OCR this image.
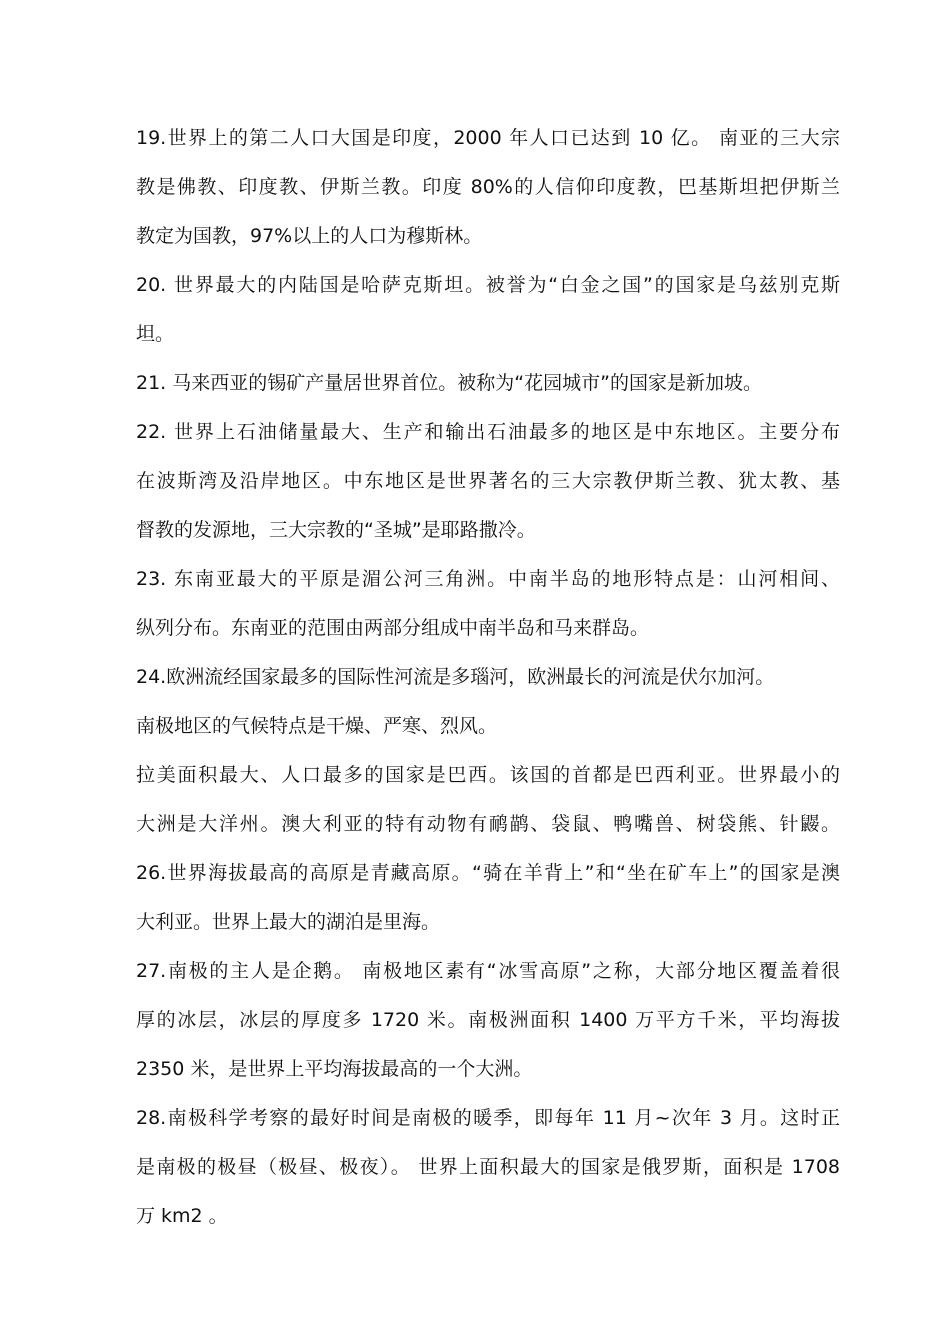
19.世界上的第二人口大国是印度，2000 年人口已达到 10 亿。 南亚的三大宗
教是佛教、印度教、伊斯兰教。印度 80%的人信仰印度教，巴基斯坦把伊斯兰
教定为国教，97%以上的人口为穆斯林。
20. 世界最大的内陆国是哈萨克斯坦。被誉为“白金之国”的国家是乌兹别克斯
坦。
21. 马来西亚的锡矿产量居世界首位。被称为“花园城市”的国家是新加坡。
22. 世界上石油储量最大、生产和输出石油最多的地区是中东地区。主要分布
在波斯湾及沿岸地区。中东地区是世界著名的三大宗教伊斯兰教、犹太教、基
督教的发源地，三大宗教的“圣城”是耶路撒冷。
23. 东南亚最大的平原是湄公河三角洲。中南半岛的地形特点是：山河相间、
纵列分布。东南亚的范围由两部分组成中南半岛和马来群岛。
24.欧洲流经国家最多的国际性河流是多瑙河，欧洲最长的河流是伏尔加河。
南极地区的气候特点是干燥、严寒、烈风。
拉美面积最大、人口最多的国家是巴西。该国的首都是巴西利亚。世界最小的
大洲是大洋州。澳大利亚的特有动物有鸸鹋、袋鼠、鸭嘴兽、树袋熊、针鼹。
26.世界海拔最高的高原是青藏高原。“骑在羊背上”和“坐在矿车上”的国家是澳
大利亚。世界上最大的湖泊是里海。
27.南极的主人是企鹅。 南极地区素有“冰雪高原”之称，大部分地区覆盖着很
厚的冰层，冰层的厚度多 1720 米。南极洲面积 1400 万平方千米，平均海拔
2350 米，是世界上平均海拔最高的一个大洲。
28.南极科学考察的最好时间是南极的暖季，即每年 11 月~次年 3 月。这时正
是南极的极昼（极昼、极夜）。 世界上面积最大的国家是俄罗斯，面积是 1708
万 km2 。
